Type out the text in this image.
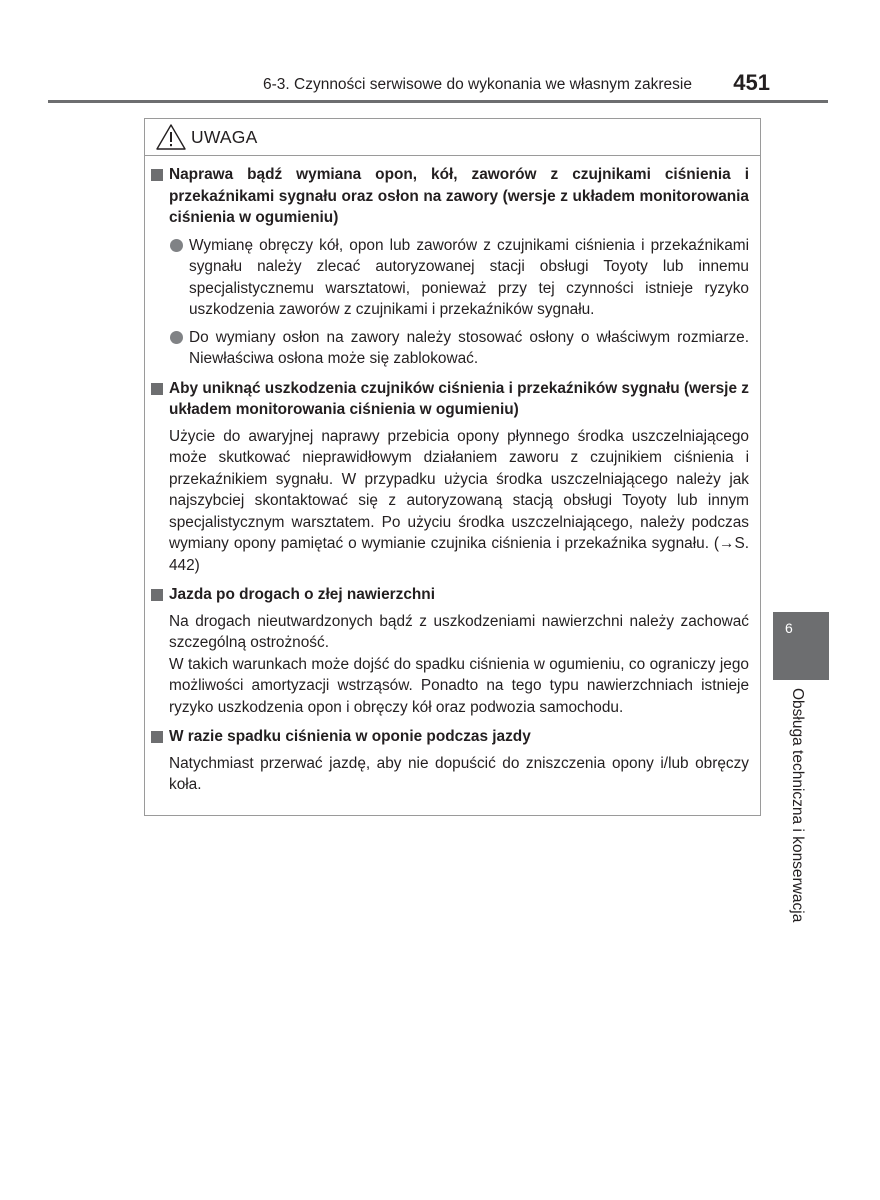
6-3. Czynności serwisowe do wykonania we własnym zakresie 451
UWAGA
Naprawa bądź wymiana opon, kół, zaworów z czujnikami ciśnienia i przekaźnikami sygnału oraz osłon na zawory (wersje z układem monitorowania ciśnienia w ogumieniu)
Wymianę obręczy kół, opon lub zaworów z czujnikami ciśnienia i przekaźnikami sygnału należy zlecać autoryzowanej stacji obsługi Toyoty lub innemu specjalistycznemu warsztatowi, ponieważ przy tej czynności istnieje ryzyko uszkodzenia zaworów z czujnikami i przekaźników sygnału.
Do wymiany osłon na zawory należy stosować osłony o właściwym rozmiarze. Niewłaściwa osłona może się zablokować.
Aby uniknąć uszkodzenia czujników ciśnienia i przekaźników sygnału (wersje z układem monitorowania ciśnienia w ogumieniu)
Użycie do awaryjnej naprawy przebicia opony płynnego środka uszczelniającego może skutkować nieprawidłowym działaniem zaworu z czujnikiem ciśnienia i przekaźnikiem sygnału. W przypadku użycia środka uszczelniającego należy jak najszybciej skontaktować się z autoryzowaną stacją obsługi Toyoty lub innym specjalistycznym warsztatem. Po użyciu środka uszczelniającego, należy podczas wymiany opony pamiętać o wymianie czujnika ciśnienia i przekaźnika sygnału. (→S. 442)
Jazda po drogach o złej nawierzchni
Na drogach nieutwardzonych bądź z uszkodzeniami nawierzchni należy zachować szczególną ostrożność.
W takich warunkach może dojść do spadku ciśnienia w ogumieniu, co ograniczy jego możliwości amortyzacji wstrząsów. Ponadto na tego typu nawierzchniach istnieje ryzyko uszkodzenia opon i obręczy kół oraz podwozia samochodu.
W razie spadku ciśnienia w oponie podczas jazdy
Natychmiast przerwać jazdę, aby nie dopuścić do zniszczenia opony i/lub obręczy koła.
6
Obsługa techniczna i konserwacja
